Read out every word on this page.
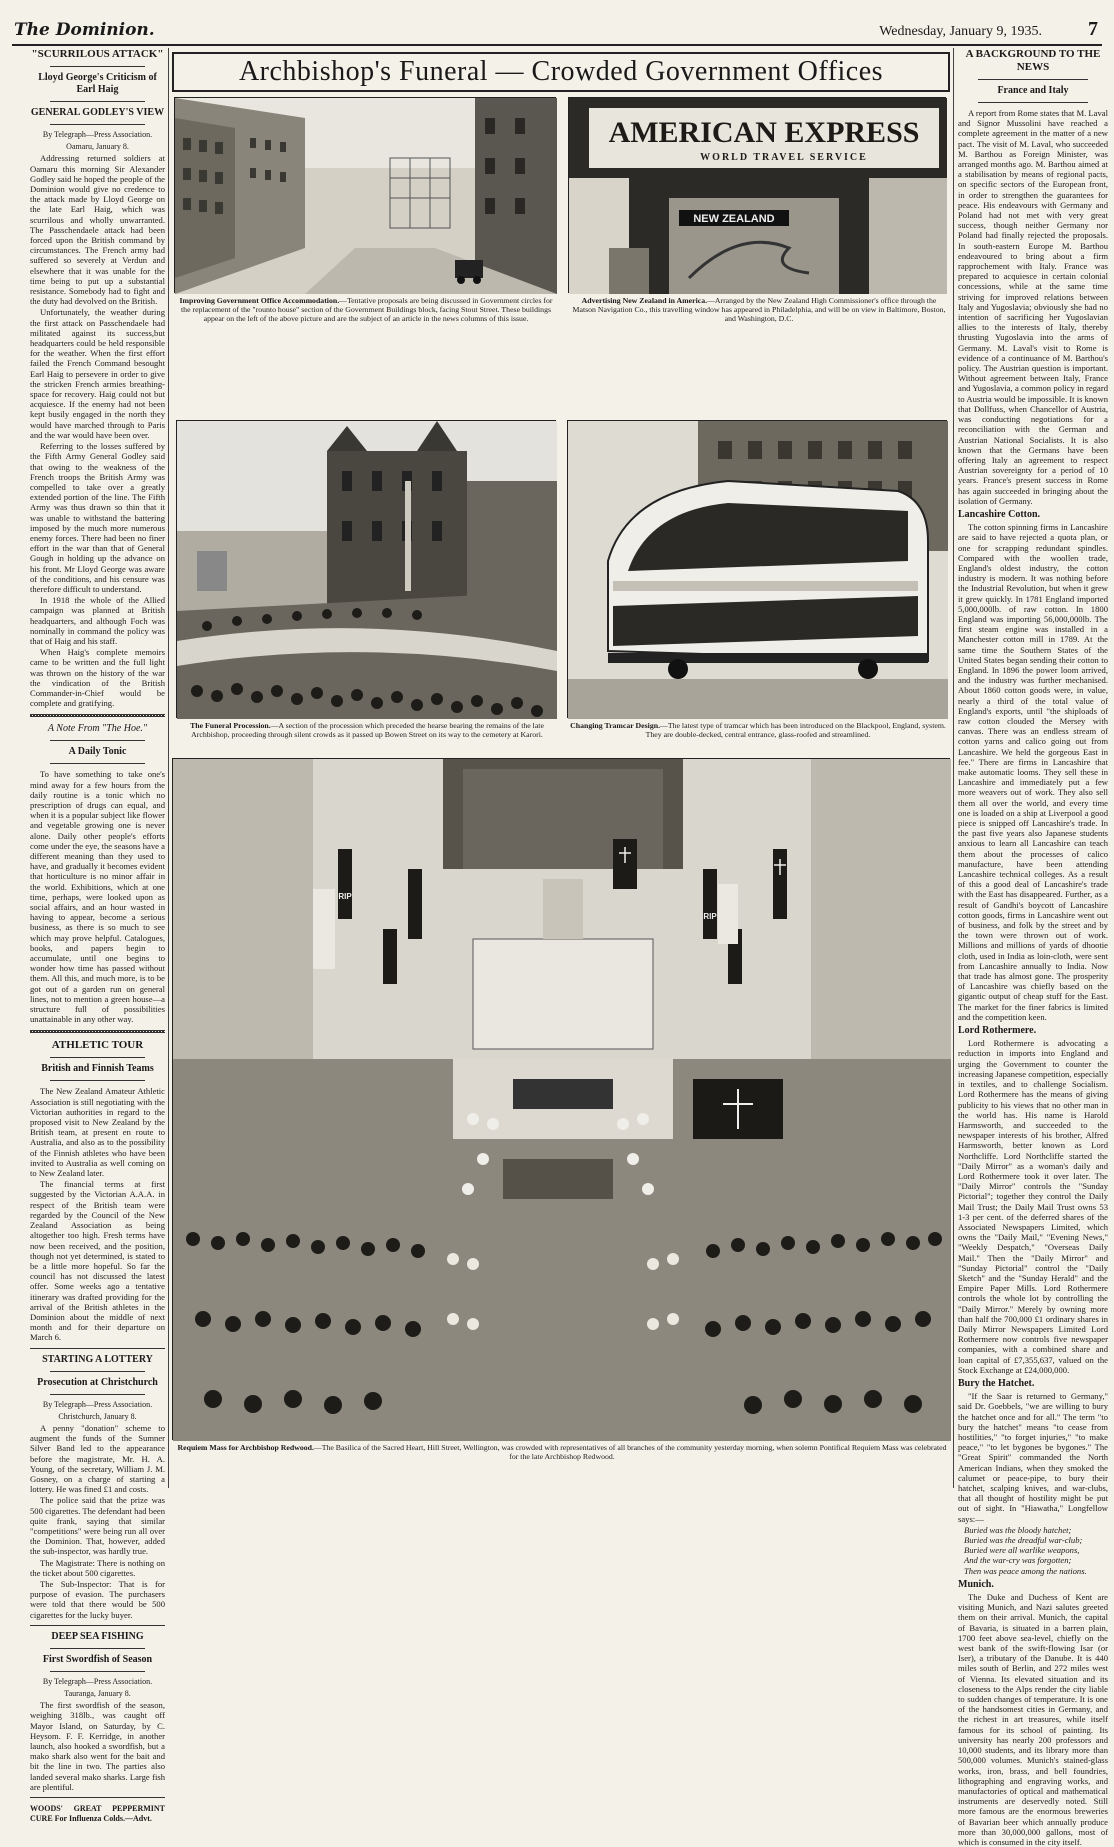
The Dominion.	Wednesday, January 9, 1935. 7
"SCURRILOUS ATTACK"
Lloyd George's Criticism of Earl Haig
GENERAL GODLEY'S VIEW
By Telegraph—Press Association.
Oamaru, January 8.

Addressing returned soldiers at Oamaru this morning Sir Alexander Godley said he hoped the people of the Dominion would give no credence to the attack made by Lloyd George on the late Earl Haig, which was scurrilous and wholly unwarranted. The Passchendaele attack had been forced upon the British command by circumstances. The French army had suffered so severely at Verdun and elsewhere that it was unable for the time being to put up a substantial resistance. Somebody had to fight and the duty had devolved on the British.

Unfortunately, the weather during the first attack on Passchendaele had militated against its success,but headquarters could be held responsible for the weather. When the first effort failed the French Command besought Earl Haig to persevere in order to give the stricken French armies breathing-space for recovery. Haig could not but acquiesce. If the enemy had not been kept busily engaged in the north they would have marched through to Paris and the war would have been over.

Referring to the losses suffered by the Fifth Army General Godley said that owing to the weakness of the French troops the British Army was compelled to take over a greatly extended portion of the line. The Fifth Army was thus drawn so thin that it was unable to withstand the battering imposed by the much more numerous enemy forces. There had been no finer effort in the war than that of General Gough in holding up the advance on his front. Mr Lloyd George was aware of the conditions, and his censure was therefore difficult to understand.

In 1918 the whole of the Allied campaign was planned at British headquarters, and although Foch was nominally in command the policy was that of Haig and his staff.

When Haig's complete memoirs came to be written and the full light was thrown on the history of the war the vindication of the British Commander-in-Chief would be complete and gratifying.

A Note From "The Hoe."
A Daily Tonic

To have something to take one's mind away for a few hours from the daily routine is a tonic which no prescription of drugs can equal, and when it is a popular subject like flower and vegetable growing one is never alone. Daily other people's efforts come under the eye, the seasons have a different meaning than they used to have, and gradually it becomes evident that horticulture is no minor affair in the world. Exhibitions, which at one time, perhaps, were looked upon as social affairs, and an hour wasted in having to appear, become a serious business, as there is so much to see which may prove helpful. Catalogues, books, and papers begin to accumulate, until one begins to wonder how time has passed without them. All this, and much more, is to be got out of a garden run on general lines, not to mention a green house—a structure full of possibilities unattainable in any other way.

ATHLETIC TOUR
British and Finnish Teams

The New Zealand Amateur Athletic Association is still negotiating with the Victorian authorities in regard to the proposed visit to New Zealand by the British team, at present en route to Australia, and also as to the possibility of the Finnish athletes who have been invited to Australia as well coming on to New Zealand later.

The financial terms at first suggested by the Victorian A.A.A. in respect of the British team were regarded by the Council of the New Zealand Association as being altogether too high. Fresh terms have now been received, and the position, though not yet determined, is stated to be a little more hopeful. So far the council has not discussed the latest offer. Some weeks ago a tentative itinerary was drafted providing for the arrival of the British athletes in the Dominion about the middle of next month and for their departure on March 6.

STARTING A LOTTERY
Prosecution at Christchurch
By Telegraph—Press Association.
Christchurch, January 8.

A penny "donation" scheme to augment the funds of the Sumner Silver Band led to the appearance before the magistrate, Mr. H. A. Young, of the secretary, William J. M. Gosney, on a charge of starting a lottery. He was fined £1 and costs.

The police said that the prize was 500 cigarettes. The defendant had been quite frank, saying that similar "competitions" were being run all over the Dominion. That, however, added the sub-inspector, was hardly true.

The Magistrate: There is nothing on the ticket about 500 cigarettes.

The Sub-Inspector: That is for purpose of evasion. The purchasers were told that there would be 500 cigarettes for the lucky buyer.

DEEP SEA FISHING
First Swordfish of Season
By Telegraph—Press Association.
Tauranga, January 8.

The first swordfish of the season, weighing 318lb., was caught off Mayor Island, on Saturday, by C. Heysom. F. F. Kerridge, in another launch, also hooked a swordfish, but a mako shark also went for the bait and bit the line in two. The parties also landed several mako sharks. Large fish are plentiful.

WOODS' GREAT PEPPERMINT CURE For Influenza Colds.—Advt.
Archbishop's Funeral — Crowded Government Offices
Improving Government Office Accommodation.—Tentative proposals are being discussed in Government circles for the replacement of the "rounto house" section of the Government Buildings block, facing Stout Street. These buildings appear on the left of the above picture and are the subject of an article in the news columns of this issue.
AMERICAN EXPRESS
WORLD TRAVEL SERVICE
NEW ZEALAND
Advertising New Zealand in America.—Arranged by the New Zealand High Commissioner's office through the Matson Navigation Co., this travelling window has appeared in Philadelphia, and will be on view in Baltimore, Boston, and Washington, D.C.
The Funeral Procession.—A section of the procession which preceded the hearse bearing the remains of the late Archbishop, proceeding through silent crowds as it passed up Bowen Street on its way to the cemetery at Karori.
Changing Tramcar Design.—The latest type of tramcar which has been introduced on the Blackpool, England, system. They are double-decked, central entrance, glass-roofed and streamlined.
RIP
RIP
Requiem Mass for Archbishop Redwood.—The Basilica of the Sacred Heart, Hill Street, Wellington, was crowded with representatives of all branches of the community yesterday morning, when solemn Pontifical Requiem Mass was celebrated for the late Archbishop Redwood.
A BACKGROUND TO THE NEWS
France and Italy

A report from Rome states that M. Laval and Signor Mussolini have reached a complete agreement in the matter of a new pact. The visit of M. Laval, who succeeded M. Barthou as Foreign Minister, was arranged months ago. M. Barthou aimed at a stabilisation by means of regional pacts, on specific sectors of the European front, in order to strengthen the guarantees for peace. His endeavours with Germany and Poland had not met with very great success, though neither Germany nor Poland had finally rejected the proposals. In south-eastern Europe M. Barthou endeavoured to bring about a firm rapprochement with Italy. France was prepared to acquiesce in certain colonial concessions, while at the same time striving for improved relations between Italy and Yugoslavia; obviously she had no intention of sacrificing her Yugoslavian allies to the interests of Italy, thereby thrusting Yugoslavia into the arms of Germany. M. Laval's visit to Rome is evidence of a continuance of M. Barthou's policy. The Austrian question is important. Without agreement between Italy, France and Yugoslavia, a common policy in regard to Austria would be impossible. It is known that Dollfuss, when Chancellor of Austria, was conducting negotiations for a reconciliation with the German and Austrian National Socialists. It is also known that the Germans have been offering Italy an agreement to respect Austrian sovereignty for a period of 10 years. France's present success in Rome has again succeeded in bringing about the isolation of Germany.

Lancashire Cotton.

The cotton spinning firms in Lancashire are said to have rejected a quota plan, or one for scrapping redundant spindles. Compared with the woollen trade, England's oldest industry, the cotton industry is modern. It was nothing before the Industrial Revolution, but when it grew it grew quickly. In 1781 England imported 5,000,000lb. of raw cotton. In 1800 England was importing 56,000,000lb. The first steam engine was installed in a Manchester cotton mill in 1789. At the same time the Southern States of the United States began sending their cotton to England. In 1896 the power loom arrived, and the industry was further mechanised. About 1860 cotton goods were, in value, nearly a third of the total value of England's exports, until "the shiploads of raw cotton clouded the Mersey with canvas. There was an endless stream of cotton yarns and calico going out from Lancashire. We held the gorgeous East in fee." There are firms in Lancashire that make automatic looms. They sell these in Lancashire and immediately put a few more weavers out of work. They also sell them all over the world, and every time one is loaded on a ship at Liverpool a good piece is snipped off Lancashire's trade. In the past five years also Japanese students anxious to learn all Lancashire can teach them about the processes of calico manufacture, have been attending Lancashire technical colleges. As a result of this a good deal of Lancashire's trade with the East has disappeared. Further, as a result of Gandhi's boycott of Lancashire cotton goods, firms in Lancashire went out of business, and folk by the street and by the town were thrown out of work. Millions and millions of yards of dhootie cloth, used in India as loin-cloth, were sent from Lancashire annually to India. Now that trade has almost gone. The prosperity of Lancashire was chiefly based on the gigantic output of cheap stuff for the East. The market for the finer fabrics is limited and the competition keen.

Lord Rothermere.

Lord Rothermere is advocating a reduction in imports into England and urging the Government to counter the increasing Japanese competition, especially in textiles, and to challenge Socialism. Lord Rothermere has the means of giving publicity to his views that no other man in the world has. His name is Harold Harmsworth, and succeeded to the newspaper interests of his brother, Alfred Harmsworth, better known as Lord Northcliffe. Lord Northcliffe started the "Daily Mirror" as a woman's daily and Lord Rothermere took it over later. The "Daily Mirror" controls the "Sunday Pictorial"; together they control the Daily Mail Trust; the Daily Mail Trust owns 53 1-3 per cent. of the deferred shares of the Associated Newspapers Limited, which owns the "Daily Mail," "Evening News," "Weekly Despatch," "Overseas Daily Mail." Then the "Daily Mirror" and "Sunday Pictorial" control the "Daily Sketch" and the "Sunday Herald" and the Empire Paper Mills. Lord Rothermere controls the whole lot by controlling the "Daily Mirror." Merely by owning more than half the 700,000 £1 ordinary shares in Daily Mirror Newspapers Limited Lord Rothermere now controls five newspaper companies, with a combined share and loan capital of £7,355,637, valued on the Stock Exchange at £24,000,000.

Bury the Hatchet.

"If the Saar is returned to Germany," said Dr. Goebbels, "we are willing to bury the hatchet once and for all." The term "to bury the hatchet" means "to cease from hostilities," "to forget injuries," "to make peace," "to let bygones be bygones." The "Great Spirit" commanded the North American Indians, when they smoked the calumet or peace-pipe, to bury their hatchet, scalping knives, and war-clubs, that all thought of hostility might be put out of sight. In "Hiawatha," Longfellow says:—

Buried was the bloody hatchet;
Buried was the dreadful war-club;
Buried were all warlike weapons,
And the war-cry was forgotten;
Then was peace among the nations.
Munich.

The Duke and Duchess of Kent are visiting Munich, and Nazi salutes greeted them on their arrival. Munich, the capital of Bavaria, is situated in a barren plain, 1700 feet above sea-level, chiefly on the west bank of the swift-flowing Isar (or Iser), a tributary of the Danube. It is 440 miles south of Berlin, and 272 miles west of Vienna. Its elevated situation and its closeness to the Alps render the city liable to sudden changes of temperature. It is one of the handsomest cities in Germany, and the richest in art treasures, while itself famous for its school of painting. Its university has nearly 200 professors and 10,000 students, and its library more than 500,000 volumes. Munich's stained-glass works, iron, brass, and bell foundries, lithographing and engraving works, and manufactories of optical and mathematical instruments are deservedly noted. Still more famous are the enormous breweries of Bavarian beer which annually produce more than 30,000,000 gallons, most of which is consumed in the city itself.
